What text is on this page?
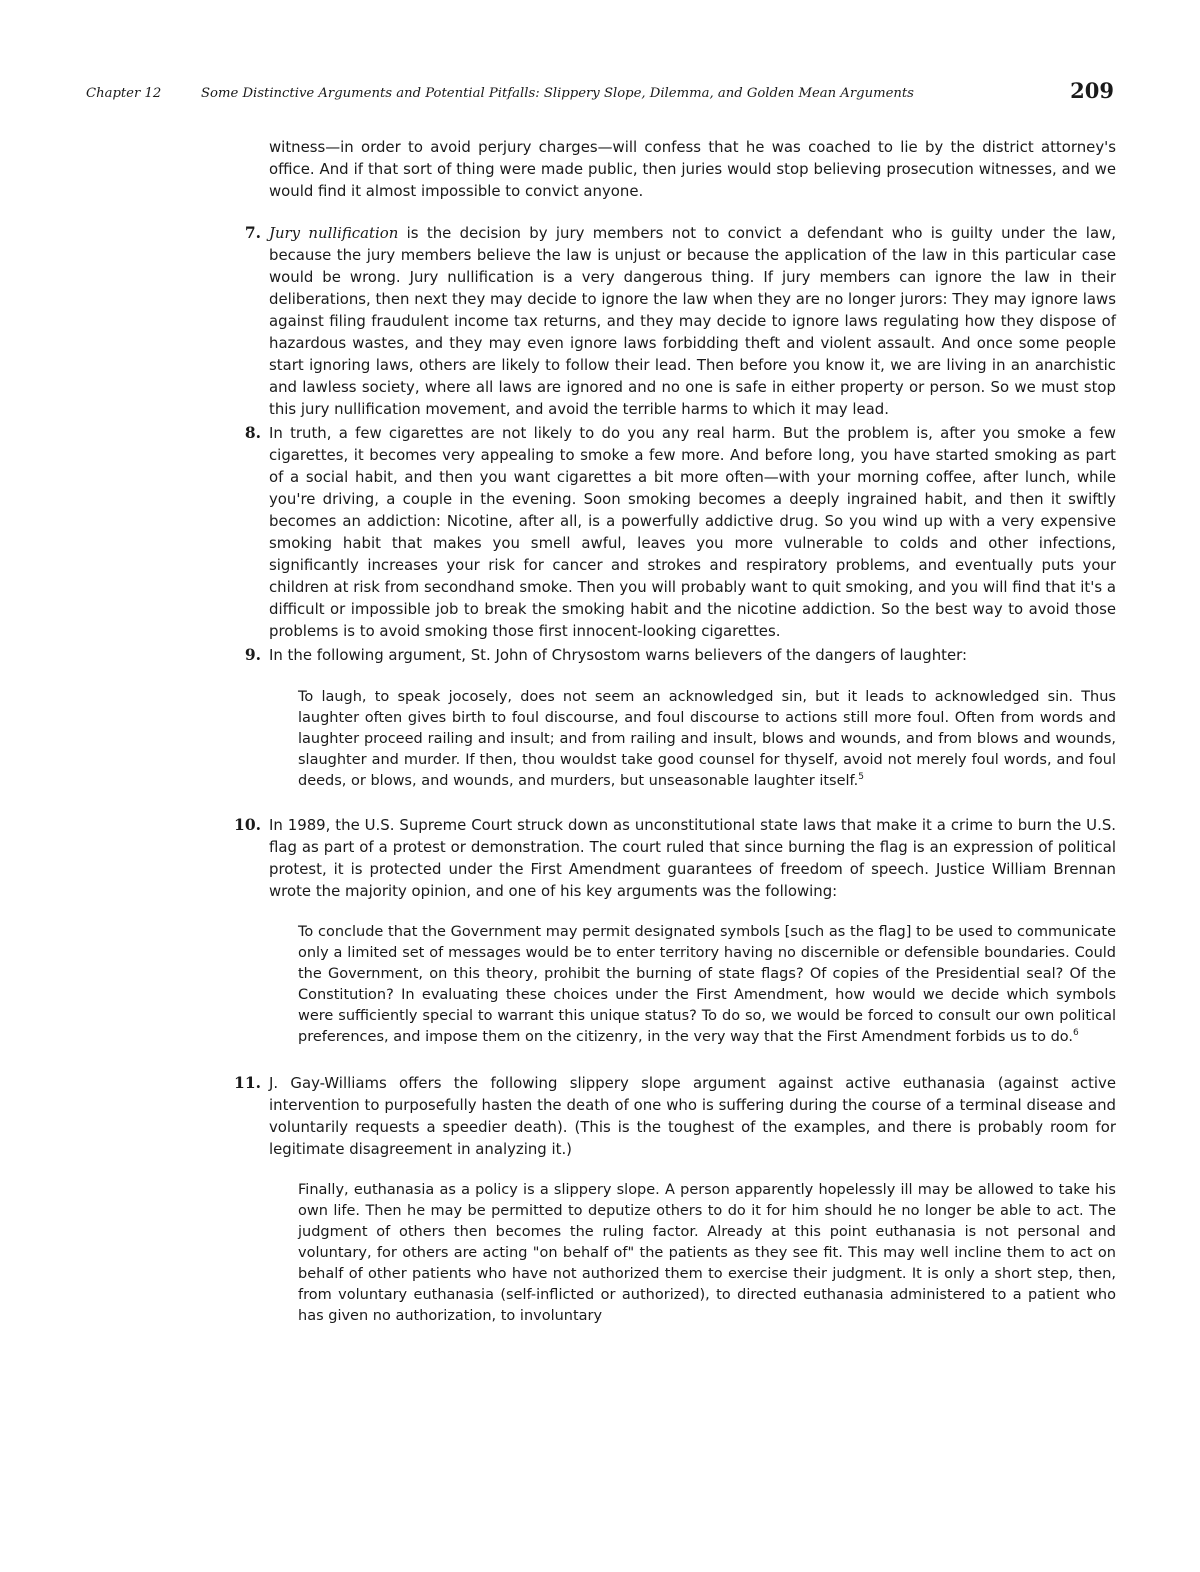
Chapter 12	Some Distinctive Arguments and Potential Pitfalls: Slippery Slope, Dilemma, and Golden Mean Arguments	209

witness—in order to avoid perjury charges—will confess that he was coached to lie by the district attorney's office. And if that sort of thing were made public, then juries would stop believing prosecution witnesses, and we would find it almost impossible to convict anyone.

7. Jury nullification is the decision by jury members not to convict a defendant who is guilty under the law, because the jury members believe the law is unjust or because the application of the law in this particular case would be wrong. Jury nullification is a very dangerous thing. If jury members can ignore the law in their deliberations, then next they may decide to ignore the law when they are no longer jurors: They may ignore laws against filing fraudulent income tax returns, and they may decide to ignore laws regulating how they dispose of hazardous wastes, and they may even ignore laws forbidding theft and violent assault. And once some people start ignoring laws, others are likely to follow their lead. Then before you know it, we are living in an anarchistic and lawless society, where all laws are ignored and no one is safe in either property or person. So we must stop this jury nullification movement, and avoid the terrible harms to which it may lead.

8. In truth, a few cigarettes are not likely to do you any real harm. But the problem is, after you smoke a few cigarettes, it becomes very appealing to smoke a few more. And before long, you have started smoking as part of a social habit, and then you want cigarettes a bit more often—with your morning coffee, after lunch, while you're driving, a couple in the evening. Soon smoking becomes a deeply ingrained habit, and then it swiftly becomes an addiction: Nicotine, after all, is a powerfully addictive drug. So you wind up with a very expensive smoking habit that makes you smell awful, leaves you more vulnerable to colds and other infections, significantly increases your risk for cancer and strokes and respiratory problems, and eventually puts your children at risk from secondhand smoke. Then you will probably want to quit smoking, and you will find that it's a difficult or impossible job to break the smoking habit and the nicotine addiction. So the best way to avoid those problems is to avoid smoking those first innocent-looking cigarettes.

9. In the following argument, St. John of Chrysostom warns believers of the dangers of laughter:

To laugh, to speak jocosely, does not seem an acknowledged sin, but it leads to acknowledged sin. Thus laughter often gives birth to foul discourse, and foul discourse to actions still more foul. Often from words and laughter proceed railing and insult; and from railing and insult, blows and wounds, and from blows and wounds, slaughter and murder. If then, thou wouldst take good counsel for thyself, avoid not merely foul words, and foul deeds, or blows, and wounds, and murders, but unseasonable laughter itself.$^5$

10. In 1989, the U.S. Supreme Court struck down as unconstitutional state laws that make it a crime to burn the U.S. flag as part of a protest or demonstration. The court ruled that since burning the flag is an expression of political protest, it is protected under the First Amendment guarantees of freedom of speech. Justice William Brennan wrote the majority opinion, and one of his key arguments was the following:

To conclude that the Government may permit designated symbols [such as the flag] to be used to communicate only a limited set of messages would be to enter territory having no discernible or defensible boundaries. Could the Government, on this theory, prohibit the burning of state flags? Of copies of the Presidential seal? Of the Constitution? In evaluating these choices under the First Amendment, how would we decide which symbols were sufficiently special to warrant this unique status? To do so, we would be forced to consult our own political preferences, and impose them on the citizenry, in the very way that the First Amendment forbids us to do.$^6$

11. J. Gay-Williams offers the following slippery slope argument against active euthanasia (against active intervention to purposefully hasten the death of one who is suffering during the course of a terminal disease and voluntarily requests a speedier death). (This is the toughest of the examples, and there is probably room for legitimate disagreement in analyzing it.)

Finally, euthanasia as a policy is a slippery slope. A person apparently hopelessly ill may be allowed to take his own life. Then he may be permitted to deputize others to do it for him should he no longer be able to act. The judgment of others then becomes the ruling factor. Already at this point euthanasia is not personal and voluntary, for others are acting "on behalf of" the patients as they see fit. This may well incline them to act on behalf of other patients who have not authorized them to exercise their judgment. It is only a short step, then, from voluntary euthanasia (self-inflicted or authorized), to directed euthanasia administered to a patient who has given no authorization, to involuntary
